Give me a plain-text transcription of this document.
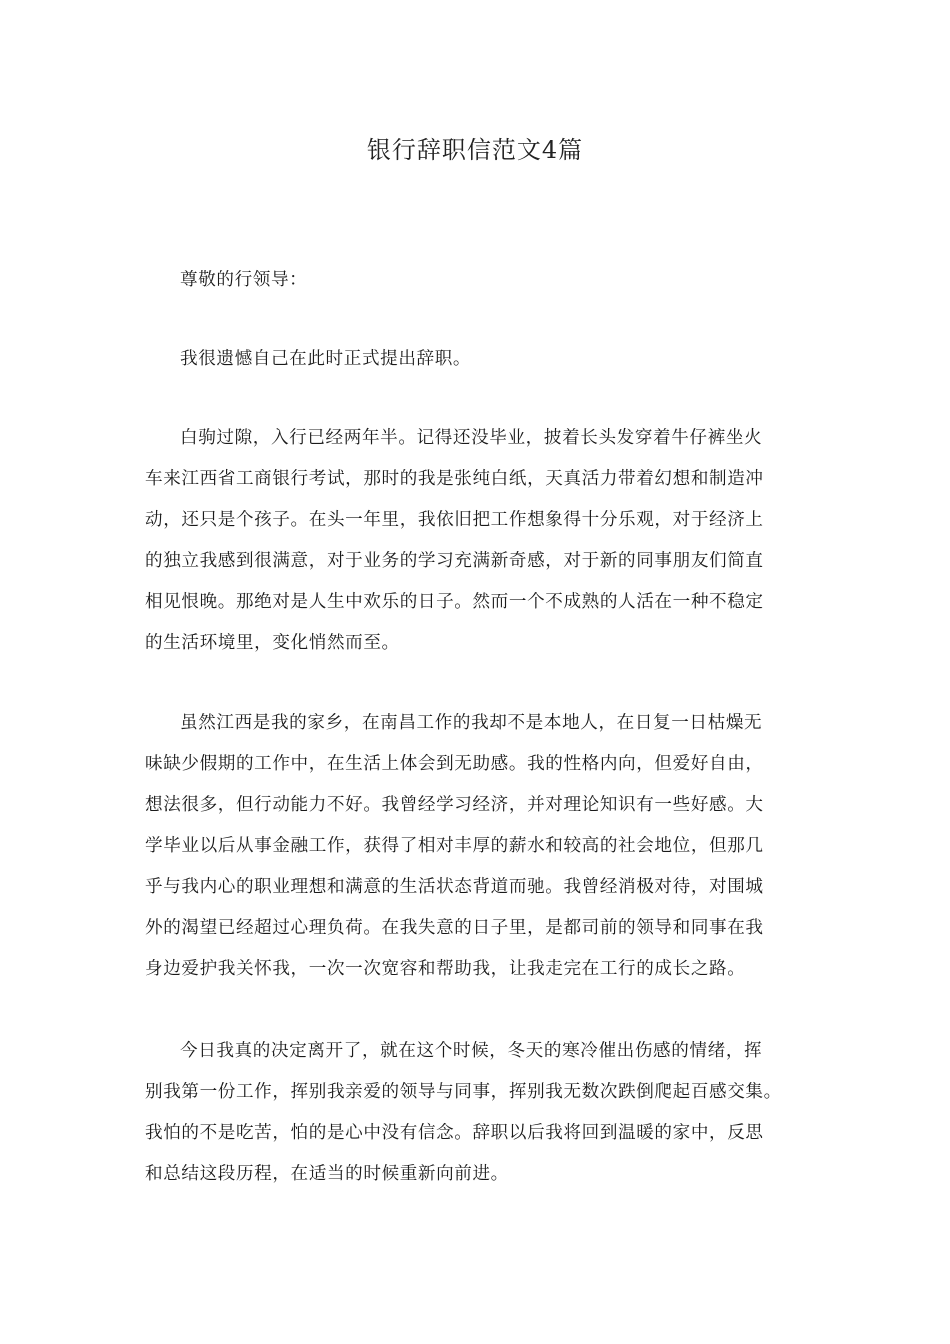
银行辞职信范文4篇
尊敬的行领导：
我很遗憾自己在此时正式提出辞职。
白驹过隙，入行已经两年半。记得还没毕业，披着长头发穿着牛仔裤坐火
车来江西省工商银行考试，那时的我是张纯白纸，天真活力带着幻想和制造冲
动，还只是个孩子。在头一年里，我依旧把工作想象得十分乐观，对于经济上
的独立我感到很满意，对于业务的学习充满新奇感，对于新的同事朋友们简直
相见恨晚。那绝对是人生中欢乐的日子。然而一个不成熟的人活在一种不稳定
的生活环境里，变化悄然而至。
虽然江西是我的家乡，在南昌工作的我却不是本地人，在日复一日枯燥无
味缺少假期的工作中，在生活上体会到无助感。我的性格内向，但爱好自由，
想法很多，但行动能力不好。我曾经学习经济，并对理论知识有一些好感。大
学毕业以后从事金融工作，获得了相对丰厚的薪水和较高的社会地位，但那几
乎与我内心的职业理想和满意的生活状态背道而驰。我曾经消极对待，对围城
外的渴望已经超过心理负荷。在我失意的日子里，是都司前的领导和同事在我
身边爱护我关怀我，一次一次宽容和帮助我，让我走完在工行的成长之路。
今日我真的决定离开了，就在这个时候，冬天的寒冷催出伤感的情绪，挥
别我第一份工作，挥别我亲爱的领导与同事，挥别我无数次跌倒爬起百感交集。
我怕的不是吃苦，怕的是心中没有信念。辞职以后我将回到温暖的家中，反思
和总结这段历程，在适当的时候重新向前进。
